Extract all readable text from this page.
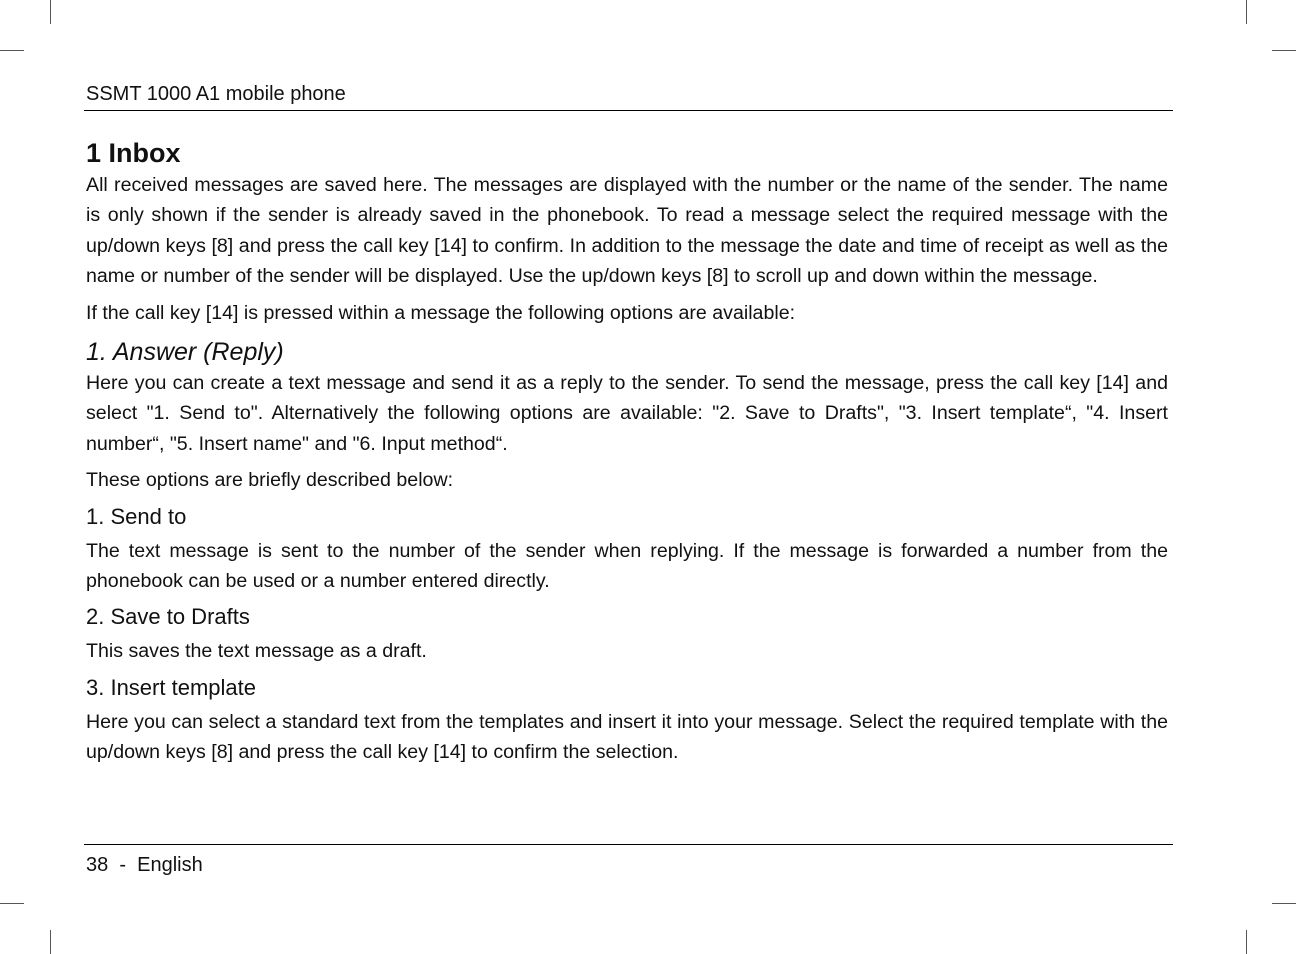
SSMT 1000 A1 mobile phone
1 Inbox

All received messages are saved here. The messages are displayed with the number or the name of the sender. The name is only shown if the sender is already saved in the phonebook. To read a message select the required message with the up/down keys [8] and press the call key [14] to confirm. In addition to the message the date and time of receipt as well as the name or number of the sender will be displayed. Use the up/down keys [8] to scroll up and down within the message.

If the call key [14] is pressed within a message the following options are available:

1. Answer (Reply)

Here you can create a text message and send it as a reply to the sender. To send the message, press the call key [14] and select "1. Send to". Alternatively the following options are available: "2. Save to Drafts", "3. Insert template“, "4. Insert number“, "5. Insert name" and "6. Input method“.

These options are briefly described below:

1. Send to

The text message is sent to the number of the sender when replying. If the message is forwarded a number from the phonebook can be used or a number entered directly.

2. Save to Drafts

This saves the text message as a draft.

3. Insert template

Here you can select a standard text from the templates and insert it into your message. Select the required template with the up/down keys [8] and press the call key [14] to confirm the selection.

38  -  English
